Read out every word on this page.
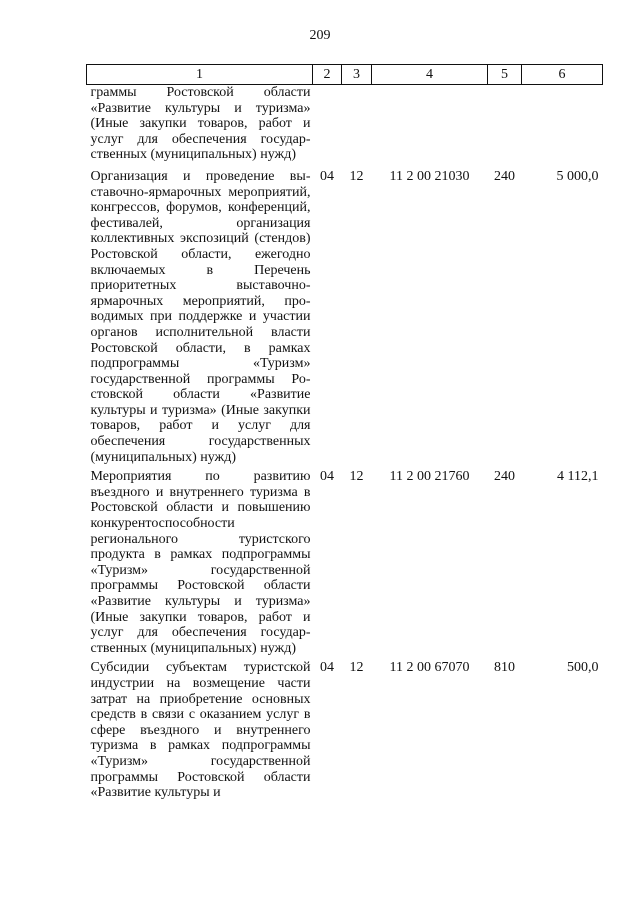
209
1	2	3	4	5	6
граммы Ростовской области «Развитие культуры и туризма» (Иные закупки товаров, работ и услуг для обеспечения государственных (муниципальных) нужд)					
Организация и проведение выставочно-ярмарочных мероприятий, конгрессов, форумов, конференций, фестивалей, организация коллективных экспозиций (стендов) Ростовской области, ежегодно включаемых в Перечень приоритетных выставочно-ярмарочных мероприятий, проводимых при поддержке и участии органов исполнительной власти Ростовской области, в рамках подпрограммы «Туризм» государственной программы Ростовской области «Развитие культуры и туризма» (Иные закупки товаров, работ и услуг для обеспечения государственных (муниципальных) нужд)	04	12	11 2 00 21030	240	5 000,0
Мероприятия по развитию въездного и внутреннего туризма в Ростовской области и повышению конкурентоспособности регионального туристского продукта в рамках подпрограммы «Туризм» государственной программы Ростовской области «Развитие культуры и туризма» (Иные закупки товаров, работ и услуг для обеспечения государственных (муниципальных) нужд)	04	12	11 2 00 21760	240	4 112,1
Субсидии субъектам туристской индустрии на возмещение части затрат на приобретение основных средств в связи с оказанием услуг в сфере въездного и внутреннего туризма в рамках подпрограммы «Туризм» государственной программы Ростовской области «Развитие культуры и	04	12	11 2 00 67070	810	500,0
